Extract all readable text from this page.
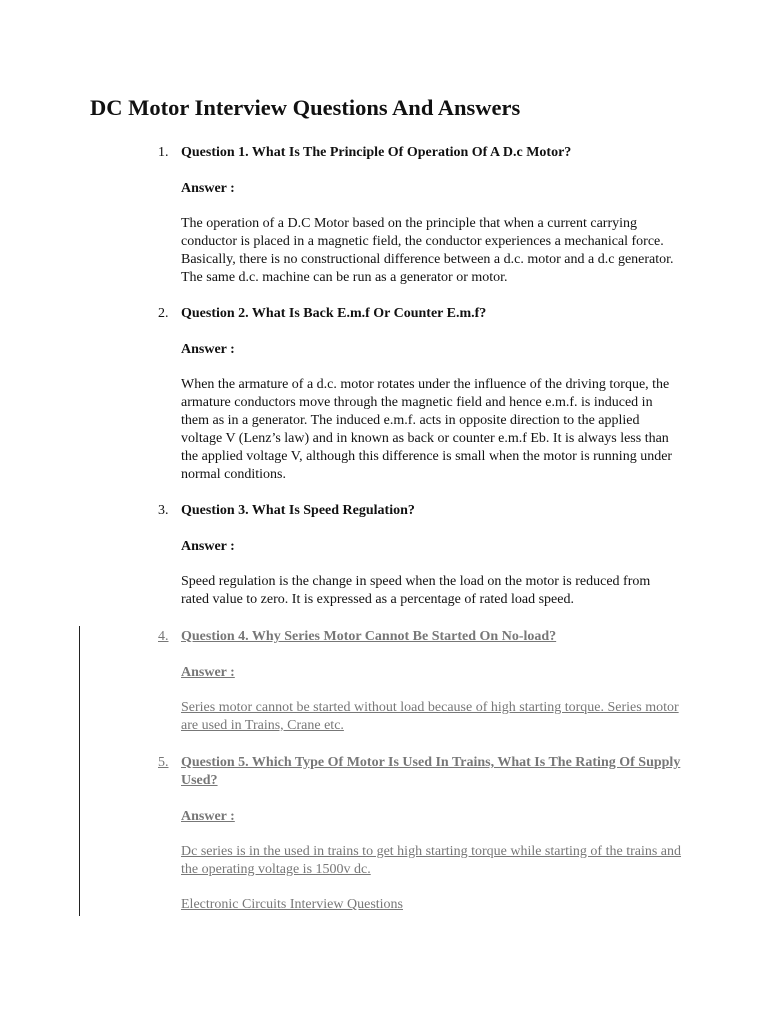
DC Motor Interview Questions And Answers
1. Question 1. What Is The Principle Of Operation Of A D.c Motor?
Answer :
The operation of a D.C Motor based on the principle that when a current carrying conductor is placed in a magnetic field, the conductor experiences a mechanical force. Basically, there is no constructional difference between a d.c. motor and a d.c generator. The same d.c. machine can be run as a generator or motor.
2. Question 2. What Is Back E.m.f Or Counter E.m.f?
Answer :
When the armature of a d.c. motor rotates under the influence of the driving torque, the armature conductors move through the magnetic field and hence e.m.f. is induced in them as in a generator. The induced e.m.f. acts in opposite direction to the applied voltage V (Lenz’s law) and in known as back or counter e.m.f Eb. It is always less than the applied voltage V, although this difference is small when the motor is running under normal conditions.
3. Question 3. What Is Speed Regulation?
Answer :
Speed regulation is the change in speed when the load on the motor is reduced from rated value to zero. It is expressed as a percentage of rated load speed.
4. Question 4. Why Series Motor Cannot Be Started On No-load?
Answer :
Series motor cannot be started without load because of high starting torque. Series motor are used in Trains, Crane etc.
5. Question 5. Which Type Of Motor Is Used In Trains, What Is The Rating Of Supply Used?
Answer :
Dc series is in the used in trains to get high starting torque while starting of the trains and the operating voltage is 1500v dc.
Electronic Circuits Interview Questions
